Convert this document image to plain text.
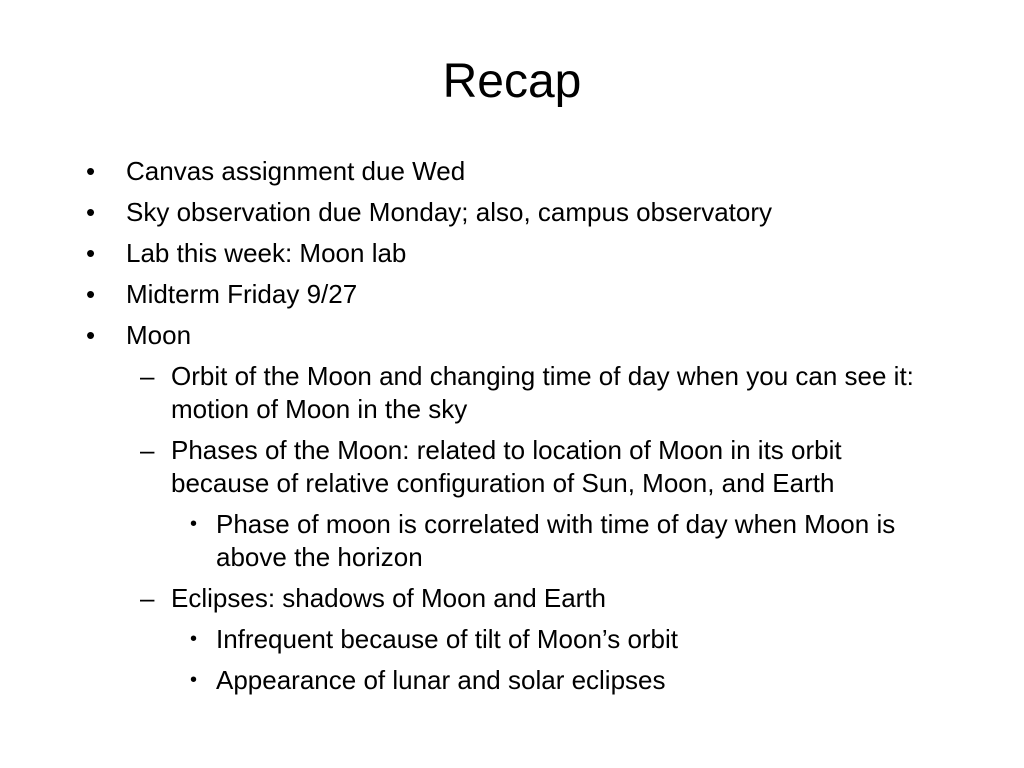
Recap
• Canvas assignment due Wed
• Sky observation due Monday; also, campus observatory
• Lab this week: Moon lab
• Midterm Friday 9/27
• Moon
– Orbit of the Moon and changing time of day when you can see it: motion of Moon in the sky
– Phases of the Moon: related to location of Moon in its orbit because of relative configuration of Sun, Moon, and Earth
• Phase of moon is correlated with time of day when Moon is above the horizon
– Eclipses: shadows of Moon and Earth
• Infrequent because of tilt of Moon’s orbit
• Appearance of lunar and solar eclipses
